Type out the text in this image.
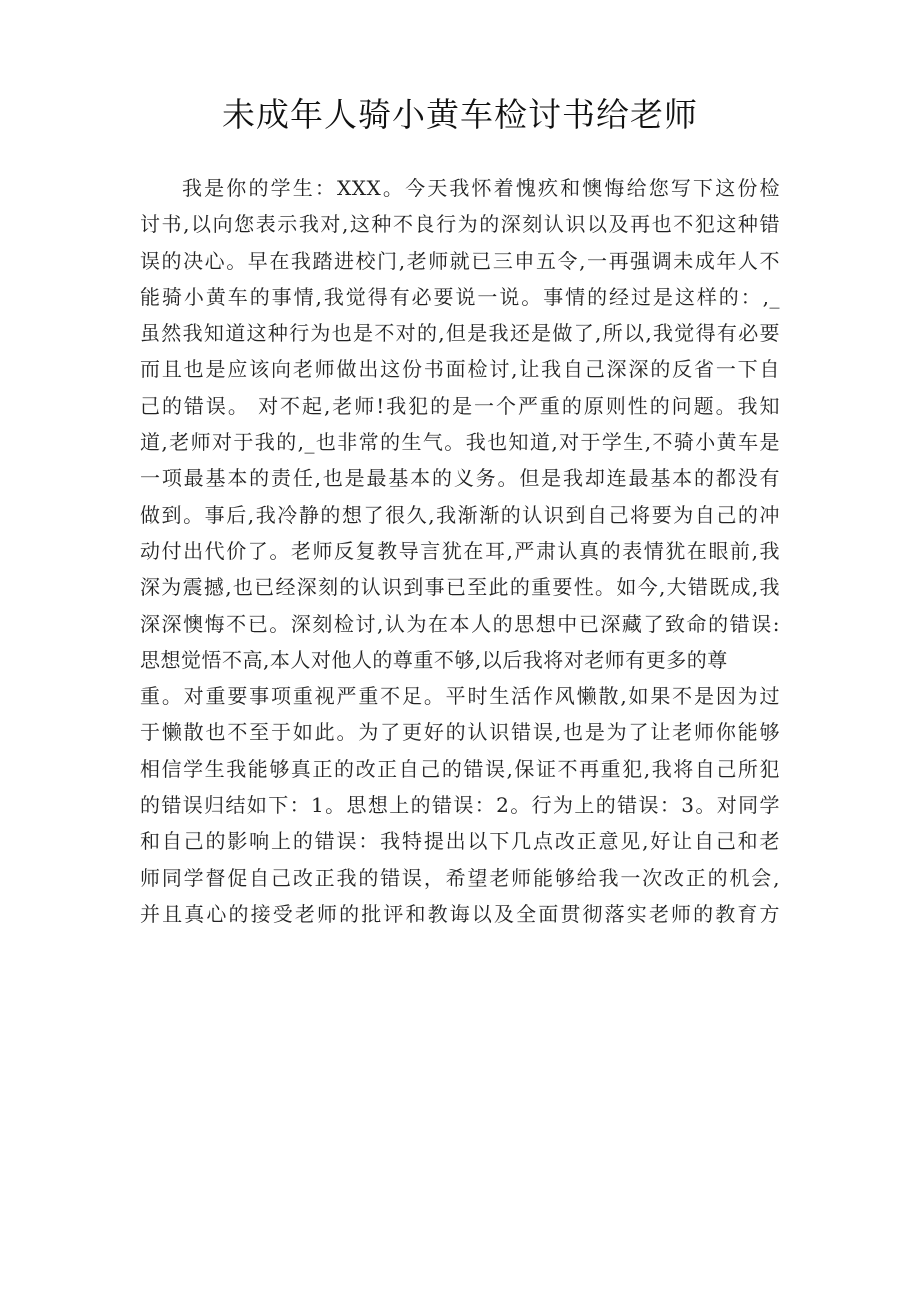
未成年人骑小黄车检讨书给老师
我是你的学生：XXX。今天我怀着愧疚和懊悔给您写下这份检
讨书,以向您表示我对,这种不良行为的深刻认识以及再也不犯这种错
误的决心。早在我踏进校门,老师就已三申五令,一再强调未成年人不
能骑小黄车的事情,我觉得有必要说一说。事情的经过是这样的：,_
虽然我知道这种行为也是不对的,但是我还是做了,所以,我觉得有必要
而且也是应该向老师做出这份书面检讨,让我自己深深的反省一下自
己的错误。 对不起,老师!我犯的是一个严重的原则性的问题。我知
道,老师对于我的,_也非常的生气。我也知道,对于学生,不骑小黄车是
一项最基本的责任,也是最基本的义务。但是我却连最基本的都没有
做到。事后,我冷静的想了很久,我渐渐的认识到自己将要为自己的冲
动付出代价了。老师反复教导言犹在耳,严肃认真的表情犹在眼前,我
深为震撼,也已经深刻的认识到事已至此的重要性。如今,大错既成,我
深深懊悔不已。深刻检讨,认为在本人的思想中已深藏了致命的错误:
思想觉悟不高,本人对他人的尊重不够,以后我将对老师有更多的尊
重。对重要事项重视严重不足。平时生活作风懒散,如果不是因为过
于懒散也不至于如此。为了更好的认识错误,也是为了让老师你能够
相信学生我能够真正的改正自己的错误,保证不再重犯,我将自己所犯
的错误归结如下：1。思想上的错误：2。行为上的错误：3。对同学
和自己的影响上的错误：我特提出以下几点改正意见,好让自己和老
师同学督促自己改正我的错误，希望老师能够给我一次改正的机会,
并且真心的接受老师的批评和教诲以及全面贯彻落实老师的教育方
